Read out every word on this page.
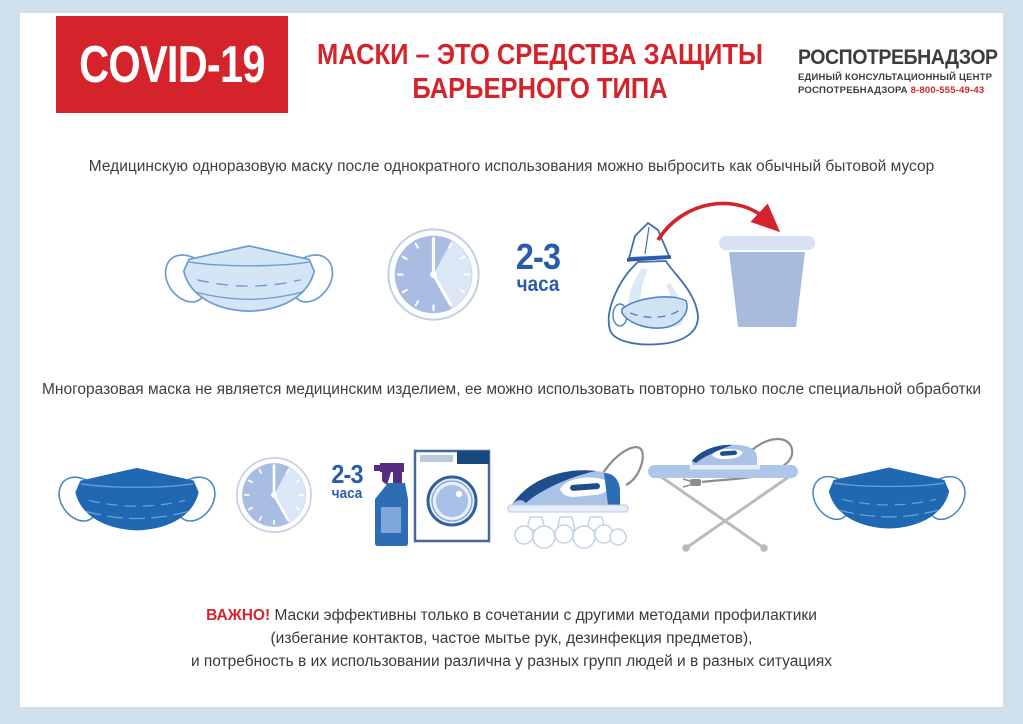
COVID-19 МАСКИ – ЭТО СРЕДСТВА ЗАЩИТЫ
БАРЬЕРНОГО ТИПА
РОСПОТРЕБНАДЗОР
ЕДИНЫЙ КОНСУЛЬТАЦИОННЫЙ ЦЕНТР
РОСПОТРЕБНАДЗОРА 8-800-555-49-43
Медицинскую одноразовую маску после однократного использования можно выбросить как обычный бытовой мусор
2-3
часа
Многоразовая маска не является медицинским изделием, ее можно использовать повторно только после специальной обработки
2-3
часа
ВАЖНО! Маски эффективны только в сочетании с другими методами профилактики
(избегание контактов, частое мытье рук, дезинфекция предметов),
и потребность в их использовании различна у разных групп людей и в разных ситуациях
